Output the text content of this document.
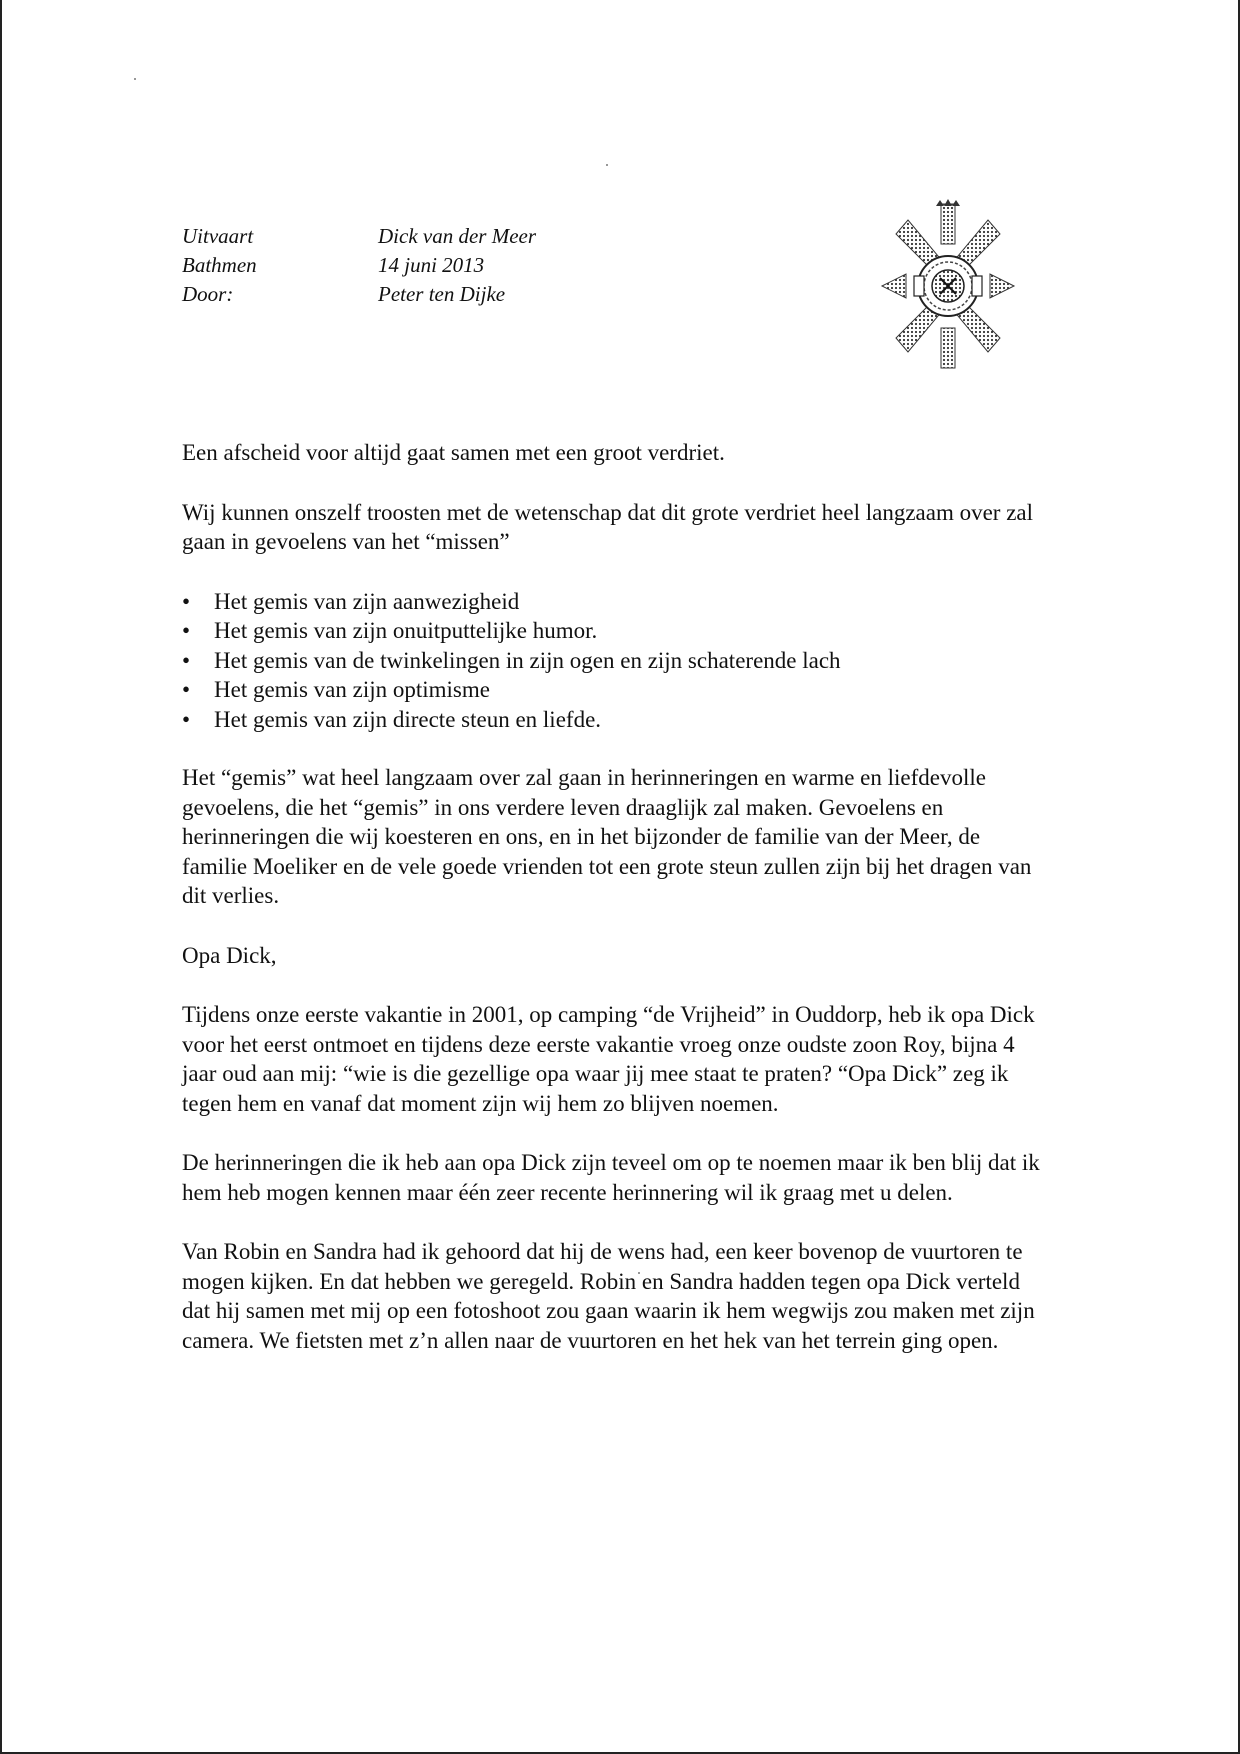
Uitvaart	Dick van der Meer
Bathmen	14 juni 2013
Door:	Peter ten Dijke

Een afscheid voor altijd gaat samen met een groot verdriet.

Wij kunnen onszelf troosten met de wetenschap dat dit grote verdriet heel langzaam over zal gaan in gevoelens van het “missen”

• Het gemis van zijn aanwezigheid
• Het gemis van zijn onuitputtelijke humor.
• Het gemis van de twinkelingen in zijn ogen en zijn schaterende lach
• Het gemis van zijn optimisme
• Het gemis van zijn directe steun en liefde.

Het “gemis” wat heel langzaam over zal gaan in herinneringen en warme en liefdevolle gevoelens, die het “gemis” in ons verdere leven draaglijk zal maken. Gevoelens en herinneringen die wij koesteren en ons, en in het bijzonder de familie van der Meer, de familie Moeliker en de vele goede vrienden tot een grote steun zullen zijn bij het dragen van dit verlies.

Opa Dick,

Tijdens onze eerste vakantie in 2001, op camping “de Vrijheid” in Ouddorp, heb ik opa Dick voor het eerst ontmoet en tijdens deze eerste vakantie vroeg onze oudste zoon Roy, bijna 4 jaar oud aan mij: “wie is die gezellige opa waar jij mee staat te praten? “Opa Dick” zeg ik tegen hem en vanaf dat moment zijn wij hem zo blijven noemen.

De herinneringen die ik heb aan opa Dick zijn teveel om op te noemen maar ik ben blij dat ik hem heb mogen kennen maar één zeer recente herinnering wil ik graag met u delen.

Van Robin en Sandra had ik gehoord dat hij de wens had, een keer bovenop de vuurtoren te mogen kijken. En dat hebben we geregeld. Robin en Sandra hadden tegen opa Dick verteld dat hij samen met mij op een fotoshoot zou gaan waarin ik hem wegwijs zou maken met zijn camera. We fietsten met z’n allen naar de vuurtoren en het hek van het terrein ging open.
